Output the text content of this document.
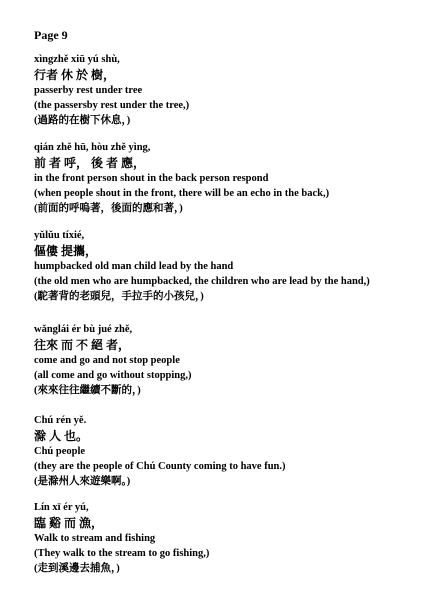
Page 9
xìngzhě xiū yú shù,
行者 休 於 樹，
passerby rest under tree
(the passersby rest under the tree,)
(過路的在樹下休息，)
qián zhě hū, hòu zhě yìng,
前 者 呼， 後 者 應，
in the front person shout in the back person respond
(when people shout in the front, there will be an echo in the back,)
(前面的呼嗚著，後面的應和著，)
yǔlǔu tíxié,
傴僂 提攜，
humpbacked old man child lead by the hand
(the old men who are humpbacked, the children who are lead by the hand,)
(駝著背的老頭兒，手拉手的小孩兒，)
wǎnglái ér bù jué zhě,
往來 而 不 絕 者，
come and go and not stop people
(all come and go without stopping,)
(來來往往繼續不斷的，)
Chú rén yě.
滁 人 也。
Chú people
(they are the people of Chú County coming to have fun.)
(是滁州人來遊樂啊。)
Lín xī ér yú,
臨 谿 而 漁，
Walk to stream and fishing
(They walk to the stream to go fishing,)
(走到溪邊去捕魚，)
